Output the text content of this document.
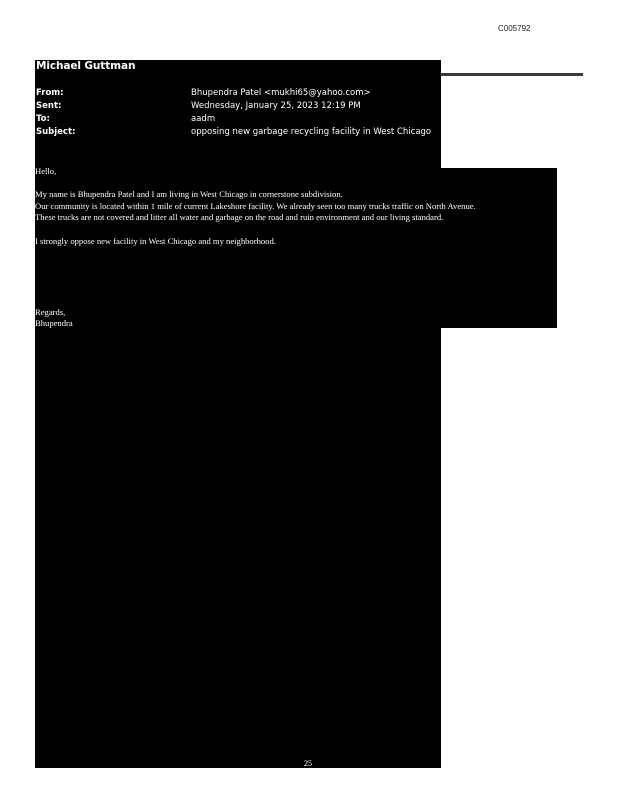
C005792
Michael Guttman
From:	Bhupendra Patel <mukhi65@yahoo.com>
Sent:	Wednesday, January 25, 2023 12:19 PM
To:	aadm
Subject:	opposing new garbage recycling facility in West Chicago
Hello,
My name is Bhupendra Patel and I am living in West Chicago in cornerstone subdivision.
Our community is located within 1 mile of current Lakeshore facility. We already seen too many trucks traffic on North Avenue.
These trucks are not covered and litter all water and garbage on the road and ruin environment and our living standard.
I strongly oppose new facility in West Chicago and my neighborhood.
Regards,
Bhupendra
25
